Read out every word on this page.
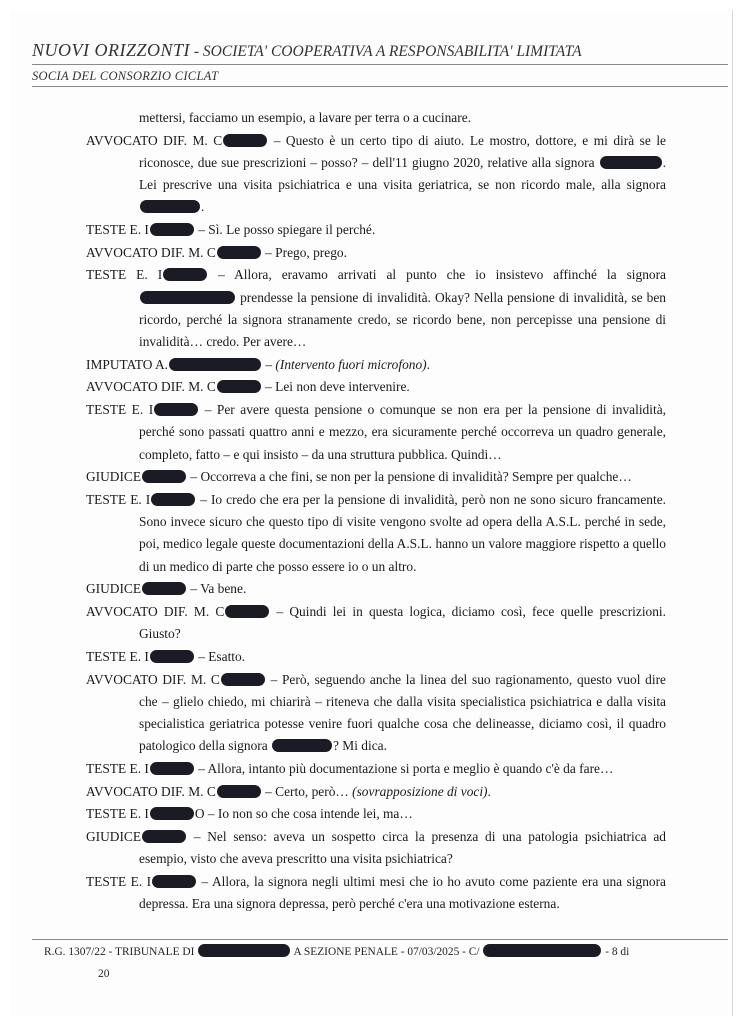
NUOVI ORIZZONTI - SOCIETA' COOPERATIVA A RESPONSABILITA' LIMITATA
SOCIA DEL CONSORZIO CICLAT
mettersi, facciamo un esempio, a lavare per terra o a cucinare.
AVVOCATO DIF. M. C	– Questo è un certo tipo di aiuto. Le mostro, dottore, e mi dirà se le riconosce, due sue prescrizioni – posso? – dell'11 giugno 2020, relative alla signora	. Lei prescrive una visita psichiatrica e una visita geriatrica, se non ricordo male, alla signora .
TESTE E. I	– Sì. Le posso spiegare il perché.
AVVOCATO DIF. M. C	– Prego, prego.
TESTE E. I	– Allora, eravamo arrivati al punto che io insistevo affinché la signora  prendesse la pensione di invalidità. Okay? Nella pensione di invalidità, se ben ricordo, perché la signora stranamente credo, se ricordo bene, non percepisse una pensione di invalidità… credo. Per avere…
IMPUTATO A.	– (Intervento fuori microfono).
AVVOCATO DIF. M. C	– Lei non deve intervenire.
TESTE E. I	– Per avere questa pensione o comunque se non era per la pensione di invalidità, perché sono passati quattro anni e mezzo, era sicuramente perché occorreva un quadro generale, completo, fatto – e qui insisto – da una struttura pubblica. Quindi…
GIUDICE	– Occorreva a che fini, se non per la pensione di invalidità? Sempre per qualche…
TESTE E. I	– Io credo che era per la pensione di invalidità, però non ne sono sicuro francamente. Sono invece sicuro che questo tipo di visite vengono svolte ad opera della A.S.L. perché in sede, poi, medico legale queste documentazioni della A.S.L. hanno un valore maggiore rispetto a quello di un medico di parte che posso essere io o un altro.
GIUDICE	– Va bene.
AVVOCATO DIF. M. C	– Quindi lei in questa logica, diciamo così, fece quelle prescrizioni. Giusto?
TESTE E. I	– Esatto.
AVVOCATO DIF. M. C	– Però, seguendo anche la linea del suo ragionamento, questo vuol dire che – glielo chiedo, mi chiarirà – riteneva che dalla visita specialistica psichiatrica e dalla visita specialistica geriatrica potesse venire fuori qualche cosa che delineasse, diciamo così, il quadro patologico della signora	? Mi dica.
TESTE E. I	– Allora, intanto più documentazione si porta e meglio è quando c'è da fare…
AVVOCATO DIF. M. C	– Certo, però… (sovrapposizione di voci).
TESTE E. I	O – Io non so che cosa intende lei, ma…
GIUDICE	– Nel senso: aveva un sospetto circa la presenza di una patologia psichiatrica ad esempio, visto che aveva prescritto una visita psichiatrica?
TESTE E. I	– Allora, la signora negli ultimi mesi che io ho avuto come paziente era una signora depressa. Era una signora depressa, però perché c'era una motivazione esterna.
R.G. 1307/22 - TRIBUNALE DI	A SEZIONE PENALE - 07/03/2025 - C/	- 8 di
20
